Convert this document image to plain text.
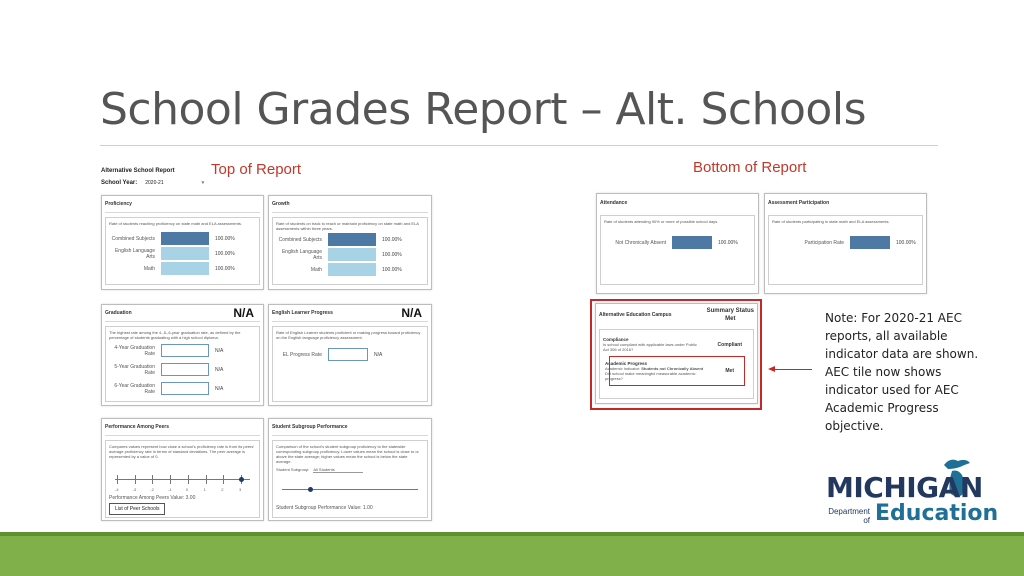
School Grades Report – Alt. Schools
Top of Report	Bottom of Report
Alternative School Report
School Year: 2020-21	▾
Proficiency
Rate of students reaching proficiency on state math and ELA assessments.
Combined Subjects	100.00%
English Language Arts	100.00%
Math	100.00%
Growth
Rate of students on track to reach or maintain proficiency on state math and ELA assessments within three years.
Combined Subjects	100.00%
English Language Arts	100.00%
Math	100.00%
Graduation	N/A
The highest rate among the 4-,5-,6-year graduation rate, as defined by the percentage of students graduating with a high school diploma.
4-Year Graduation Rate	N/A
5-Year Graduation Rate	N/A
6-Year Graduation Rate	N/A
English Learner Progress	N/A
Rate of English Learner students proficient or making progress toward proficiency on the English language proficiency assessment.
EL Progress Rate	N/A
Performance Among Peers
Compares values represent how close a school's proficiency rate is from its peers' average proficiency rate in terms of standard deviations. The peer average is represented by a value of 0.
-4	-3	-2	-1	0	1	2	3
Performance Among Peers Value: 3.00
List of Peer Schools
Student Subgroup Performance
Comparison of the school's student subgroup proficiency to the statewide corresponding subgroup proficiency. Lower values mean the school is close to or above the state average; higher values mean the school is below the state average.
Student Subgroup: All Students
Student Subgroup Performance Value: 1.00
Attendance
Rate of students attending 90% or more of possible school days.
Not Chronically Absent	100.00%
Assessment Participation
Rate of students participating in state math and ELA assessments.
Participation Rate	100.00%
Alternative Education Campus
Summary Status
Met
Compliance
Is school compliant with applicable laws under Public Act 306 of 2016?
Compliant
Academic Progress
Academic Indicator: Students not Chronically Absent Did school make meaningful measurable academic progress?
Met
Note: For 2020-21 AEC reports, all available indicator data are shown. AEC tile now shows indicator used for AEC Academic Progress objective.
MICHIGAN
Department
of Education
